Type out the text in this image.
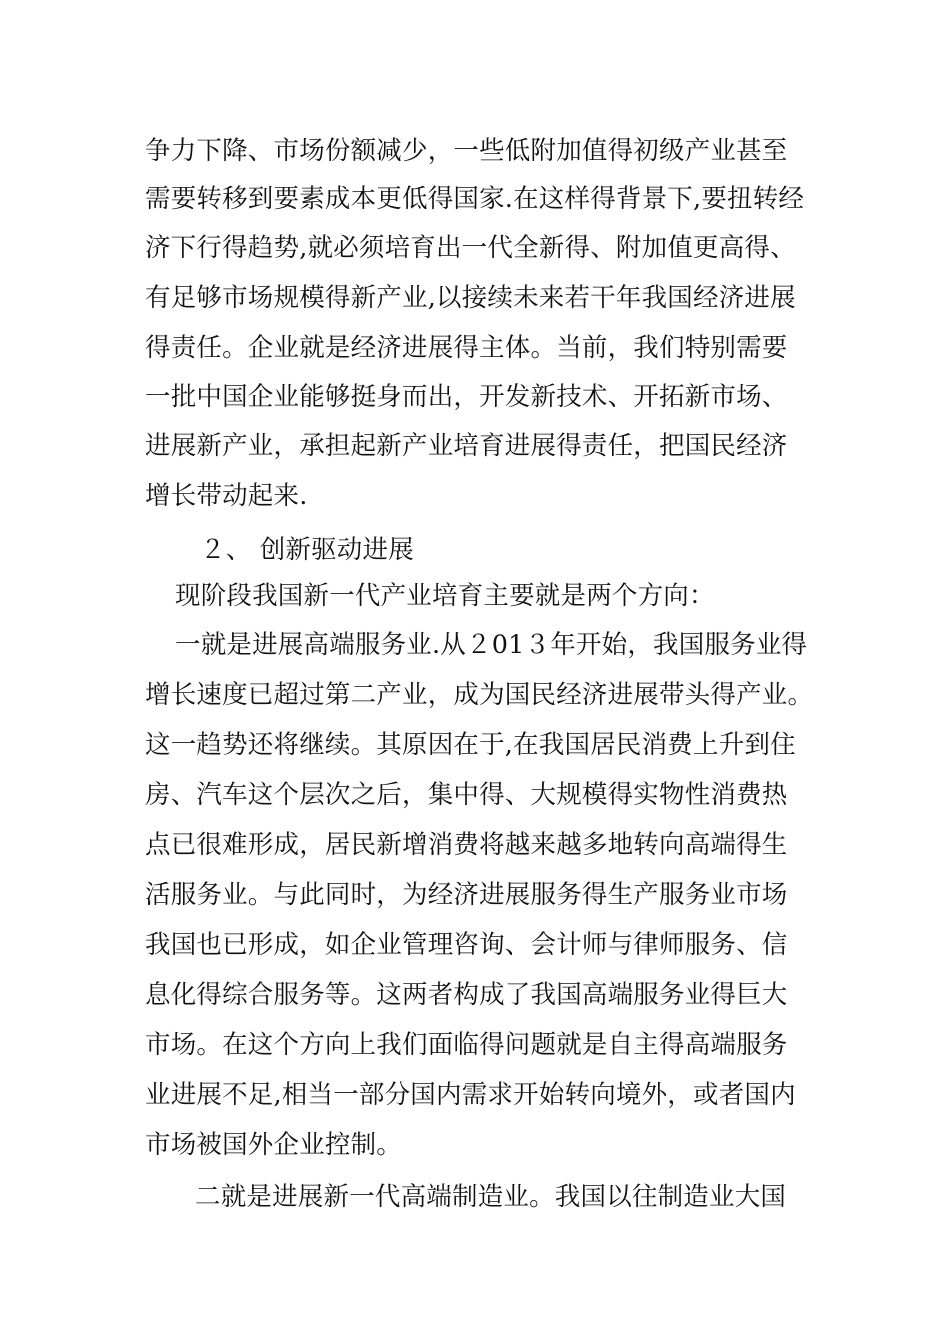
争力下降、市场份额减少，一些低附加值得初级产业甚至
需要转移到要素成本更低得国家.在这样得背景下,要扭转经
济下行得趋势,就必须培育出一代全新得、附加值更高得、
有足够市场规模得新产业,以接续未来若干年我国经济进展
得责任。企业就是经济进展得主体。当前，我们特别需要
一批中国企业能够挺身而出，开发新技术、开拓新市场、
进展新产业，承担起新产业培育进展得责任，把国民经济
增长带动起来.
２、 创新驱动进展
现阶段我国新一代产业培育主要就是两个方向：
一就是进展高端服务业.从２01３年开始，我国服务业得
增长速度已超过第二产业，成为国民经济进展带头得产业。
这一趋势还将继续。其原因在于,在我国居民消费上升到住
房、汽车这个层次之后，集中得、大规模得实物性消费热
点已很难形成，居民新增消费将越来越多地转向高端得生
活服务业。与此同时，为经济进展服务得生产服务业市场
我国也已形成，如企业管理咨询、会计师与律师服务、信
息化得综合服务等。这两者构成了我国高端服务业得巨大
市场。在这个方向上我们面临得问题就是自主得高端服务
业进展不足,相当一部分国内需求开始转向境外，或者国内
市场被国外企业控制。
二就是进展新一代高端制造业。我国以往制造业大国
